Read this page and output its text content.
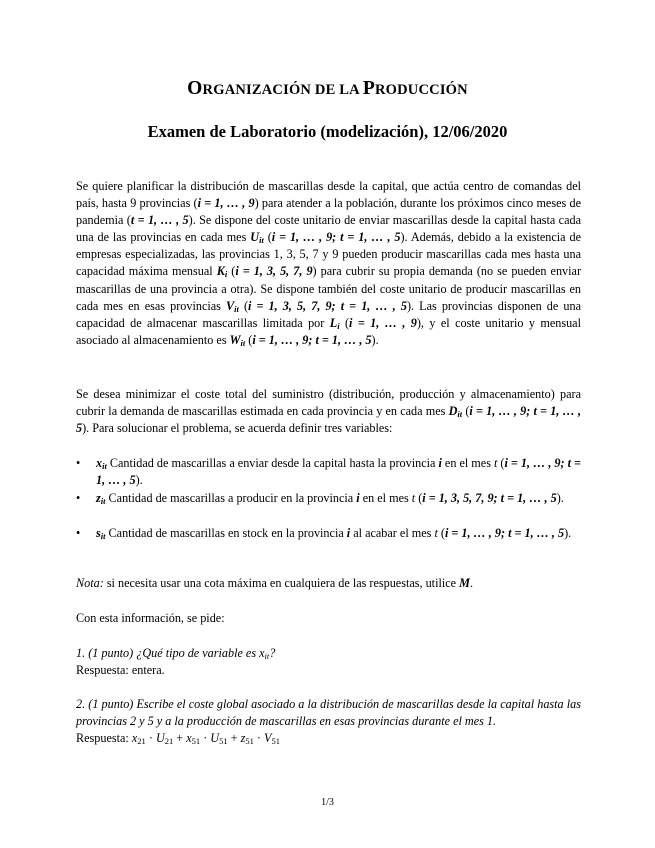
ORGANIZACIÓN DE LA PRODUCCIÓN
Examen de Laboratorio (modelización), 12/06/2020
Se quiere planificar la distribución de mascarillas desde la capital, que actúa centro de comandas del país, hasta 9 provincias (i = 1, … , 9) para atender a la población, durante los próximos cinco meses de pandemia (t = 1, … , 5). Se dispone del coste unitario de enviar mascarillas desde la capital hasta cada una de las provincias en cada mes $U_{it}$ (i = 1, … , 9; t = 1, … , 5). Además, debido a la existencia de empresas especializadas, las provincias 1, 3, 5, 7 y 9 pueden producir mascarillas cada mes hasta una capacidad máxima mensual $K_i$ (i = 1, 3, 5, 7, 9) para cubrir su propia demanda (no se pueden enviar mascarillas de una provincia a otra). Se dispone también del coste unitario de producir mascarillas en cada mes en esas provincias $V_{it}$ (i = 1, 3, 5, 7, 9; t = 1, … , 5). Las provincias disponen de una capacidad de almacenar mascarillas limitada por $L_i$ (i = 1, … , 9), y el coste unitario y mensual asociado al almacenamiento es $W_{it}$ (i = 1, … , 9; t = 1, … , 5).
Se desea minimizar el coste total del suministro (distribución, producción y almacenamiento) para cubrir la demanda de mascarillas estimada en cada provincia y en cada mes $D_{it}$ (i = 1, … , 9; t = 1, … , 5). Para solucionar el problema, se acuerda definir tres variables:
•	$x_{it}$ Cantidad de mascarillas a enviar desde la capital hasta la provincia i en el mes t (i = 1, … , 9; t = 1, … , 5).
•	$z_{it}$ Cantidad de mascarillas a producir en la provincia i en el mes t (i = 1, 3, 5, 7, 9; t = 1, … , 5).
•	$s_{it}$ Cantidad de mascarillas en stock en la provincia i al acabar el mes t (i = 1, … , 9; t = 1, … , 5).
Nota: si necesita usar una cota máxima en cualquiera de las respuestas, utilice M.
Con esta información, se pide:
1. (1 punto) ¿Qué tipo de variable es $x_{it}$?
Respuesta: entera.
2. (1 punto) Escribe el coste global asociado a la distribución de mascarillas desde la capital hasta las provincias 2 y 5 y a la producción de mascarillas en esas provincias durante el mes 1.
Respuesta: $x_{21} \cdot U_{21} + x_{51} \cdot U_{51} + z_{51} \cdot V_{51}$
1/3
